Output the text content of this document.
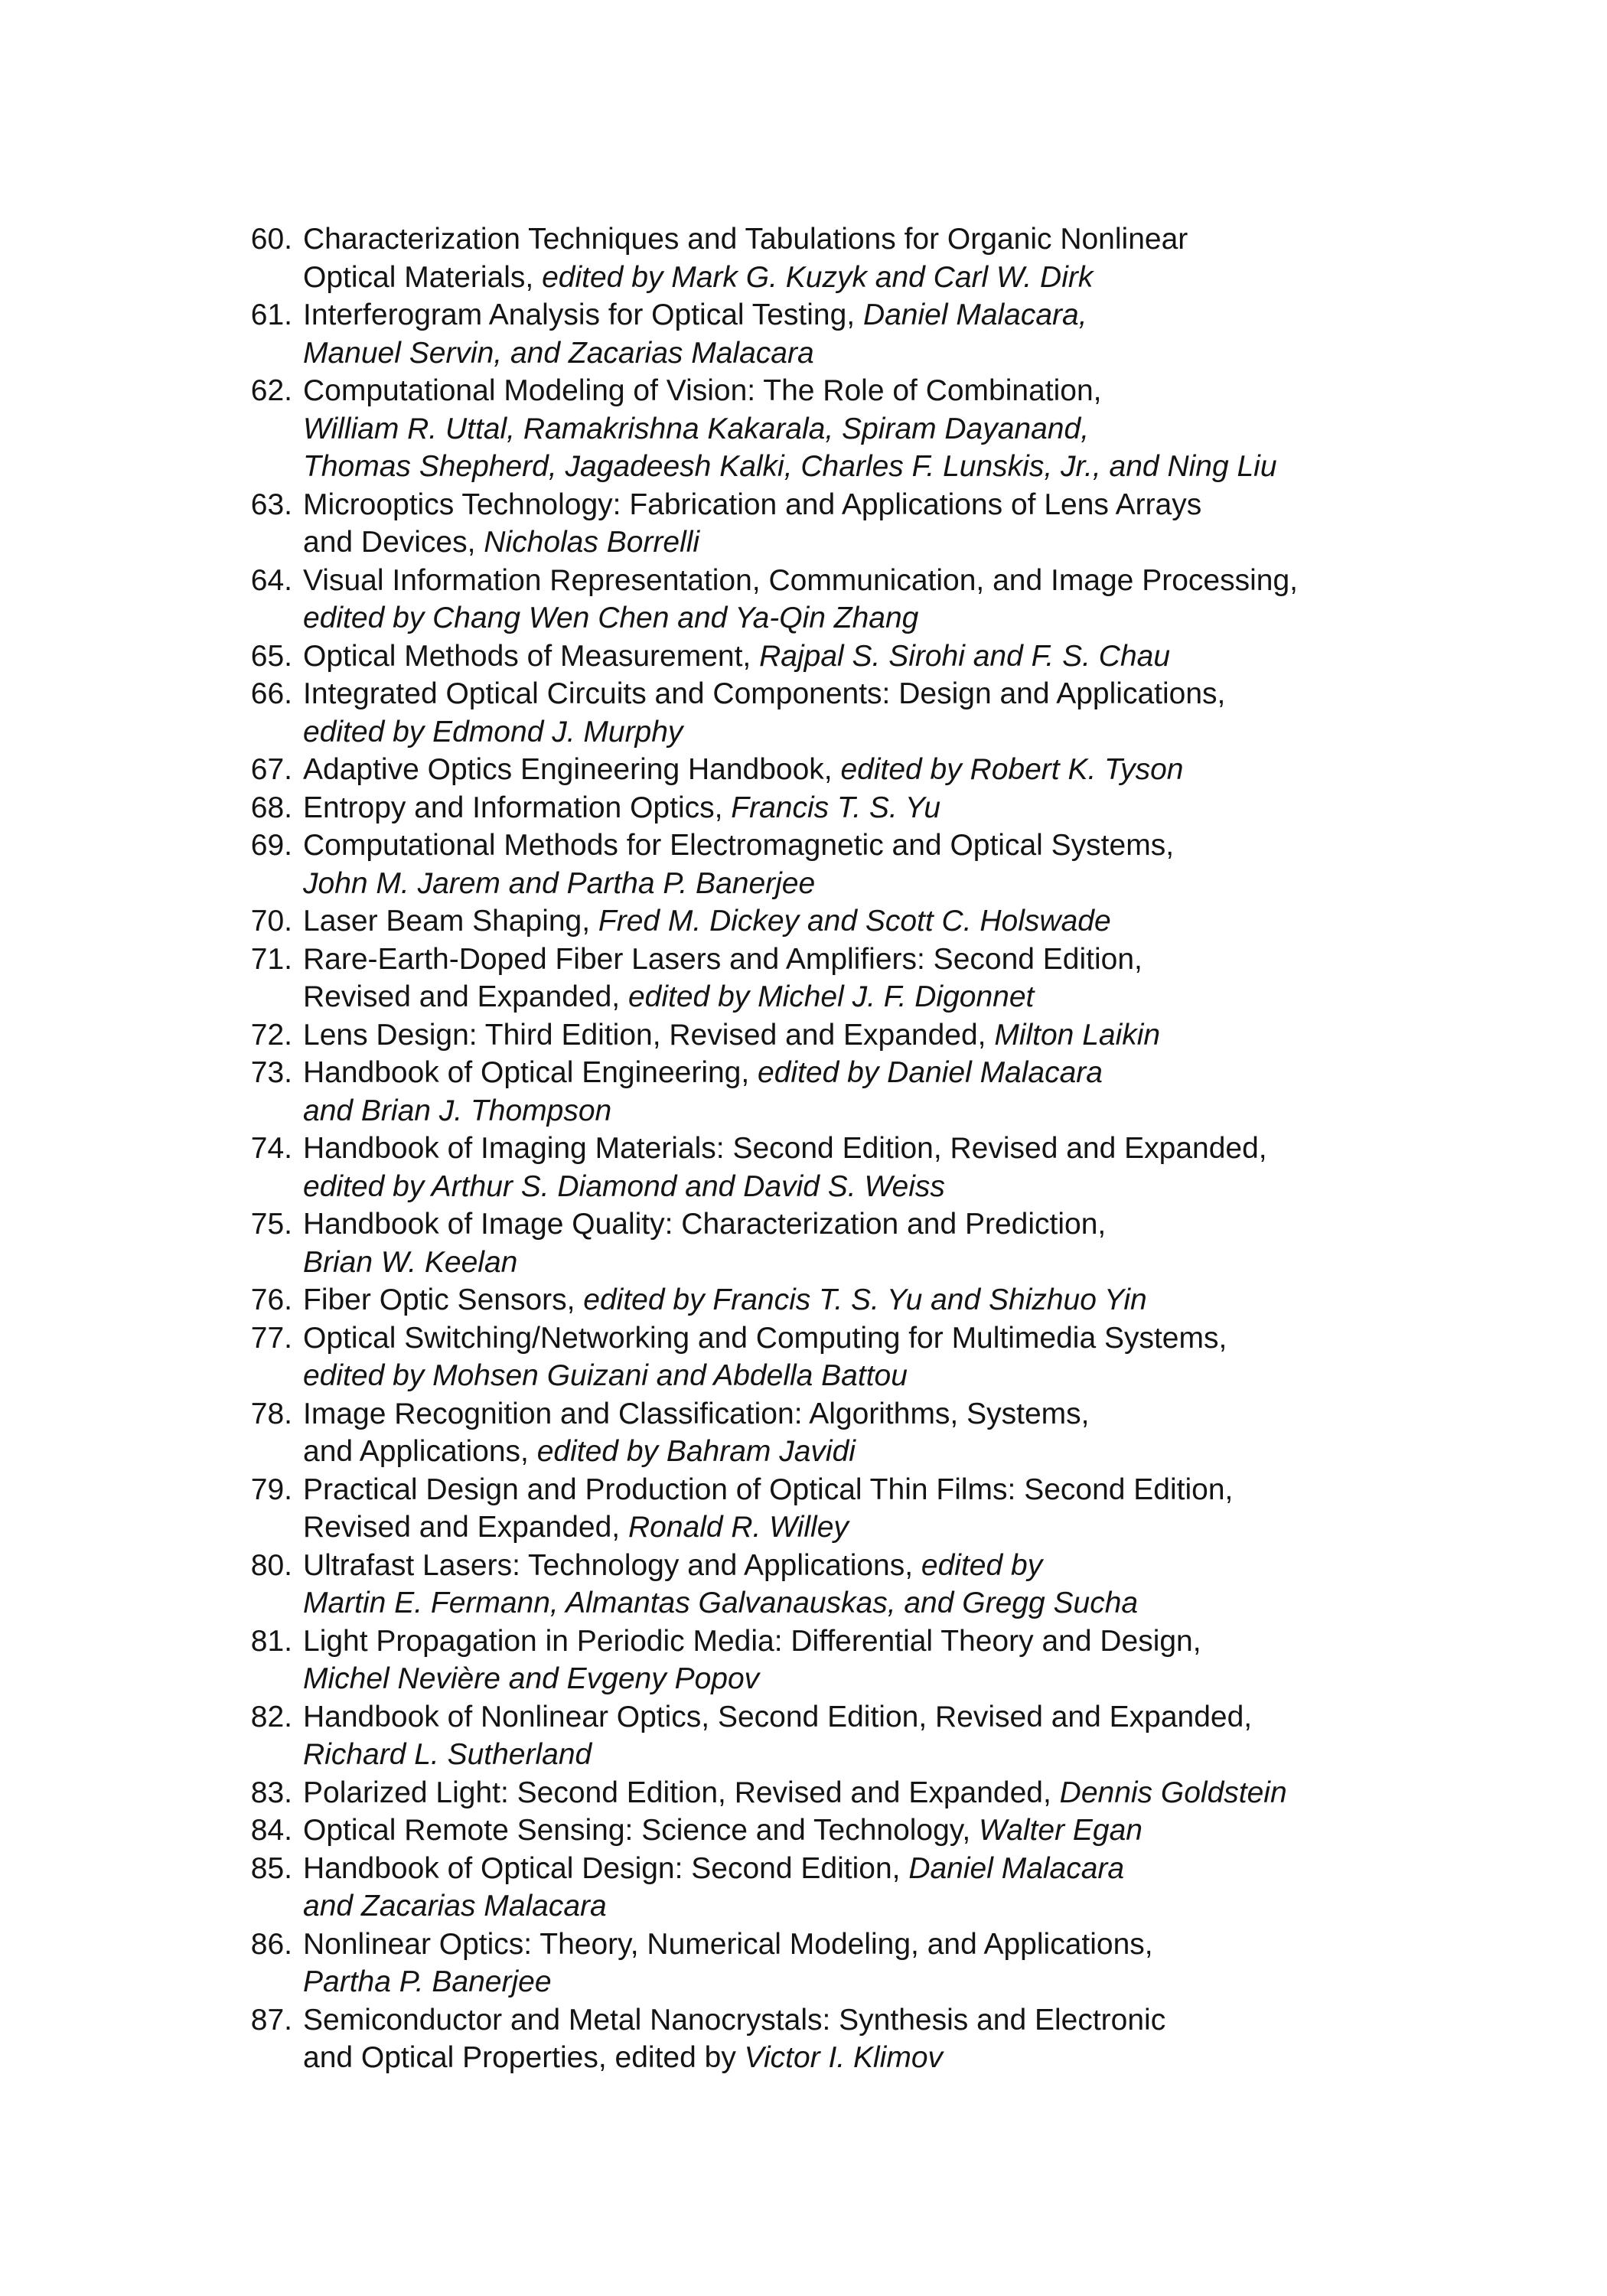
60. Characterization Techniques and Tabulations for Organic Nonlinear
Optical Materials, edited by Mark G. Kuzyk and Carl W. Dirk
61. Interferogram Analysis for Optical Testing, Daniel Malacara,
Manuel Servin, and Zacarias Malacara
62. Computational Modeling of Vision: The Role of Combination,
William R. Uttal, Ramakrishna Kakarala, Spiram Dayanand,
Thomas Shepherd, Jagadeesh Kalki, Charles F. Lunskis, Jr., and Ning Liu
63. Microoptics Technology: Fabrication and Applications of Lens Arrays
and Devices, Nicholas Borrelli
64. Visual Information Representation, Communication, and Image Processing,
edited by Chang Wen Chen and Ya-Qin Zhang
65. Optical Methods of Measurement, Rajpal S. Sirohi and F. S. Chau
66. Integrated Optical Circuits and Components: Design and Applications,
edited by Edmond J. Murphy
67. Adaptive Optics Engineering Handbook, edited by Robert K. Tyson
68. Entropy and Information Optics, Francis T. S. Yu
69. Computational Methods for Electromagnetic and Optical Systems,
John M. Jarem and Partha P. Banerjee
70. Laser Beam Shaping, Fred M. Dickey and Scott C. Holswade
71. Rare-Earth-Doped Fiber Lasers and Amplifiers: Second Edition,
Revised and Expanded, edited by Michel J. F. Digonnet
72. Lens Design: Third Edition, Revised and Expanded, Milton Laikin
73. Handbook of Optical Engineering, edited by Daniel Malacara
and Brian J. Thompson
74. Handbook of Imaging Materials: Second Edition, Revised and Expanded,
edited by Arthur S. Diamond and David S. Weiss
75. Handbook of Image Quality: Characterization and Prediction,
Brian W. Keelan
76. Fiber Optic Sensors, edited by Francis T. S. Yu and Shizhuo Yin
77. Optical Switching/Networking and Computing for Multimedia Systems,
edited by Mohsen Guizani and Abdella Battou
78. Image Recognition and Classification: Algorithms, Systems,
and Applications, edited by Bahram Javidi
79. Practical Design and Production of Optical Thin Films: Second Edition,
Revised and Expanded, Ronald R. Willey
80. Ultrafast Lasers: Technology and Applications, edited by
Martin E. Fermann, Almantas Galvanauskas, and Gregg Sucha
81. Light Propagation in Periodic Media: Differential Theory and Design,
Michel Nevière and Evgeny Popov
82. Handbook of Nonlinear Optics, Second Edition, Revised and Expanded,
Richard L. Sutherland
83. Polarized Light: Second Edition, Revised and Expanded, Dennis Goldstein
84. Optical Remote Sensing: Science and Technology, Walter Egan
85. Handbook of Optical Design: Second Edition, Daniel Malacara
and Zacarias Malacara
86. Nonlinear Optics: Theory, Numerical Modeling, and Applications,
Partha P. Banerjee
87. Semiconductor and Metal Nanocrystals: Synthesis and Electronic
and Optical Properties, edited by Victor I. Klimov
